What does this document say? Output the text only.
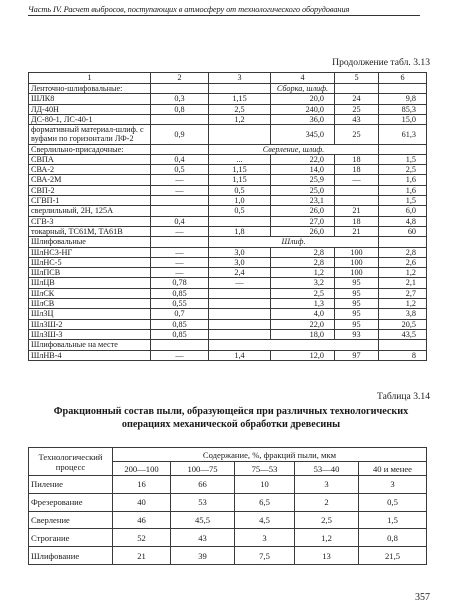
Часть IV. Расчет выбросов, поступающих в атмосферу от технологического оборудования
Продолжение табл. 3.13
1	2	3	4	5	6
Ленточно-шлифовальные:			Сборка, шлиф.		
ШЛК8	0,3	1,15	20,0	24	9,8
ЛД-40Н	0,8	2,5	240,0	25	85,3
ДС-80-1, ЛС-40-1		1,2	36,0	43	15,0
формативный материал-шлиф. с вуфами по горизонтали ЛФ-2	0,9		345,0	25	61,3
Сверлильно-присадочные:		Сверление, шлиф.			
СВПА	0,4	...	22,0	18	1,5
СВА-2	0,5	1,15	14,0	18	2,5
СВА-2М	—	1,15	25,9	—	1,6
СВП-2	—	0,5	25,0		1,6
СГВП-1		1,0	23,1		1,5
сверлильный, 2Н, 125А		0,5	26,0	21	6,0
СГВ-3	0,4		27,0	18	4,8
токарный, ТС61М, ТА61В	—	1,8	26,0	21	60
Шлифовальные		Шлиф.			
ШлНС3-НГ	—	3,0	2,8	100	2,8
ШлНС-5	—	3,0	2,8	100	2,6
ШлПСВ	—	2,4	1,2	100	1,2
ШлЦВ	0,78	—	3,2	95	2,1
ШлСК	0,85		2,5	95	2,7
ШлСВ	0,55		1,3	95	1,2
Шл3Ц	0,7		4,0	95	3,8
Шл3Ш-2	0,85		22,0	95	20,5
Шл3Ш-3	0,85		18,0	93	43,5
Шлифовальные на месте					
ШлНВ-4	—	1,4	12,0	97	8
Таблица 3.14
Фракционный состав пыли, образующейся при различных технологических операциях механической обработки древесины
Технологический процесс	Содержание, %, фракций пыли, мкм				
	200—100	100—75	75—53	53—40	40 и менее
Пиление	16	66	10	3	3
Фрезерование	40	53	6,5	2	0,5
Сверление	46	45,5	4,5	2,5	1,5
Строгание	52	43	3	1,2	0,8
Шлифование	21	39	7,5	13	21,5
357
